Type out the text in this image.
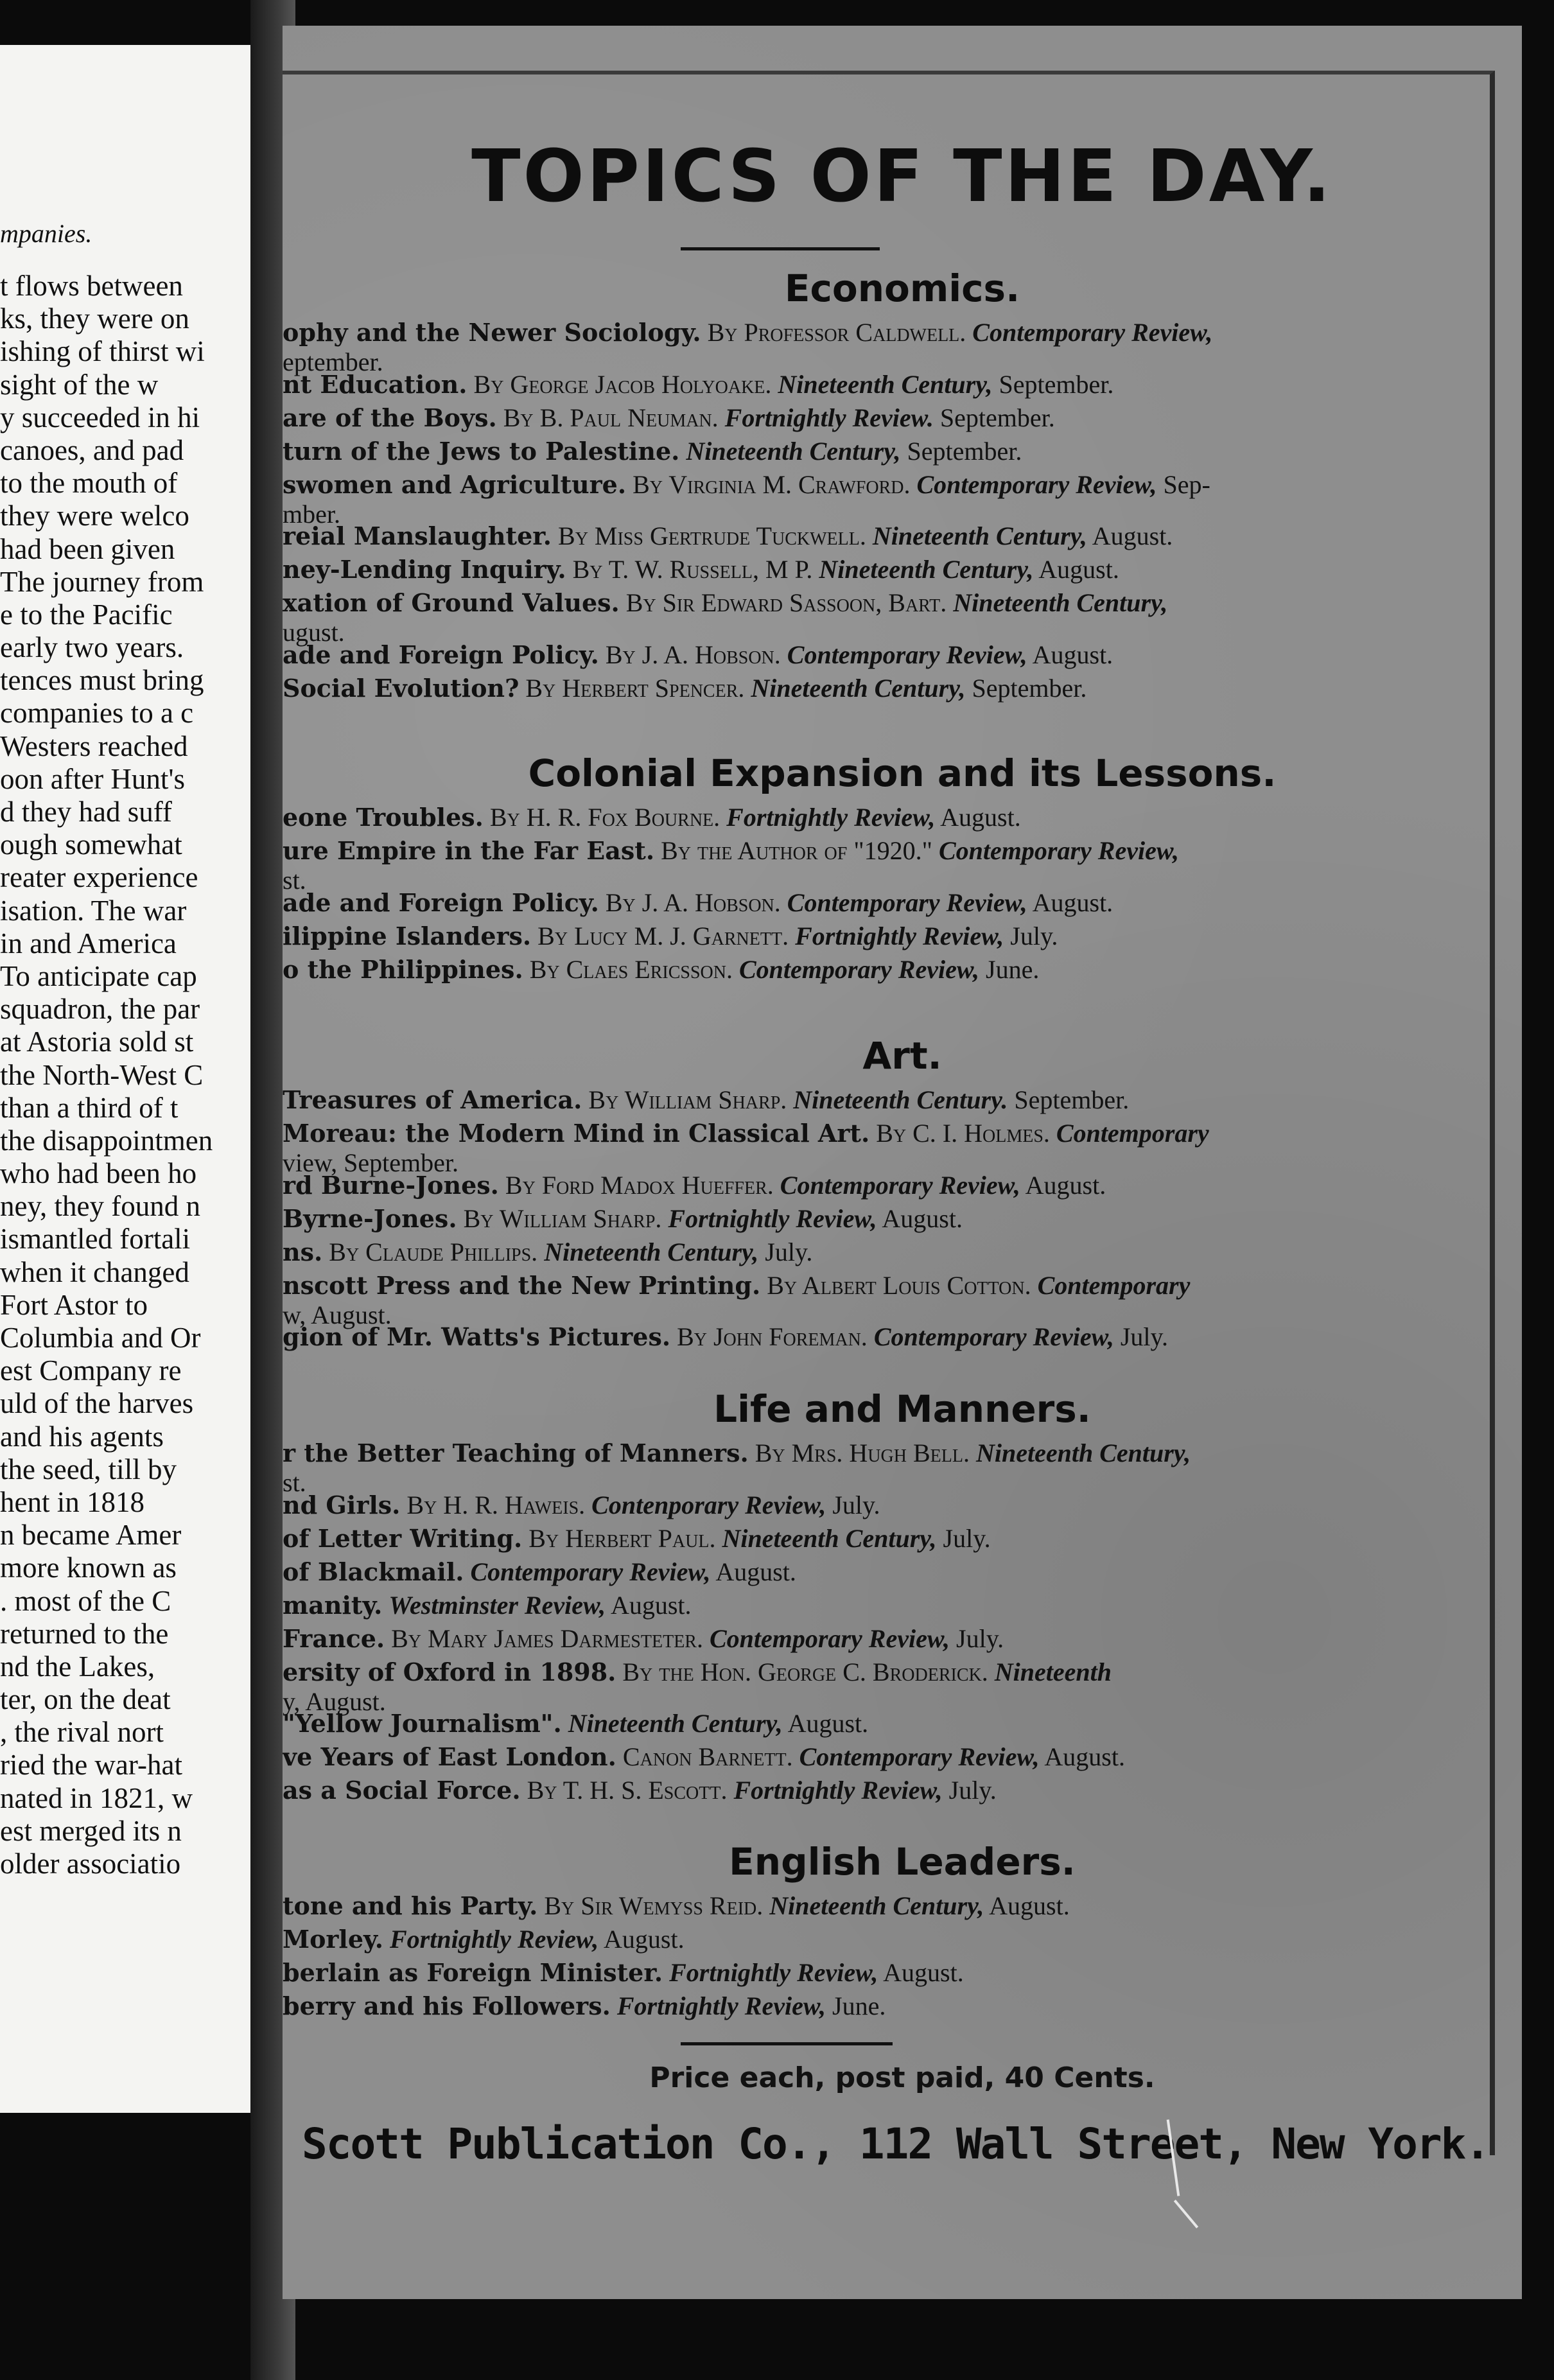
mpanies.
t flows between
ks, they were on
ishing of thirst wi
sight of the w
y succeeded in hi
canoes, and pad
to the mouth of
they were welco
had been given
The journey from
e to the Pacific
early two years.
tences must bring
companies to a c
Westers reached
oon after Hunt's
d they had suff
ough somewhat
reater experience
isation. The war
in and America
To anticipate cap
squadron, the par
at Astoria sold st
the North-West C
than a third of t
the disappointmen
who had been ho
ney, they found n
ismantled fortali
when it changed
Fort Astor to
Columbia and Or
est Company re
uld of the harves
and his agents
the seed, till by
hent in 1818
n became Amer
more known as
. most of the C
returned to the
nd the Lakes,
ter, on the deat
, the rival nort
ried the war-hat
nated in 1821, w
est merged its n
older associatio
TOPICS OF THE DAY.
Economics.
ophy and the Newer Sociology. By Professor Caldwell. Contemporary Review,
eptember.
nt Education. By George Jacob Holyoake. Nineteenth Century, September.
are of the Boys. By B. Paul Neuman. Fortnightly Review. September.
turn of the Jews to Palestine. Nineteenth Century, September.
swomen and Agriculture. By Virginia M. Crawford. Contemporary Review, Sep-
mber.
reial Manslaughter. By Miss Gertrude Tuckwell. Nineteenth Century, August.
ney-Lending Inquiry. By T. W. Russell, M P. Nineteenth Century, August.
xation of Ground Values. By Sir Edward Sassoon, Bart. Nineteenth Century,
ugust.
ade and Foreign Policy. By J. A. Hobson. Contemporary Review, August.
Social Evolution? By Herbert Spencer. Nineteenth Century, September.
Colonial Expansion and its Lessons.
eone Troubles. By H. R. Fox Bourne. Fortnightly Review, August.
ure Empire in the Far East. By the Author of "1920." Contemporary Review,
st.
ade and Foreign Policy. By J. A. Hobson. Contemporary Review, August.
ilippine Islanders. By Lucy M. J. Garnett. Fortnightly Review, July.
o the Philippines. By Claes Ericsson. Contemporary Review, June.
Art.
Treasures of America. By William Sharp. Nineteenth Century. September.
Moreau: the Modern Mind in Classical Art. By C. I. Holmes. Contemporary
view, September.
rd Burne-Jones. By Ford Madox Hueffer. Contemporary Review, August.
Byrne-Jones. By William Sharp. Fortnightly Review, August.
ns. By Claude Phillips. Nineteenth Century, July.
nscott Press and the New Printing. By Albert Louis Cotton. Contemporary
w, August.
gion of Mr. Watts's Pictures. By John Foreman. Contemporary Review, July.
Life and Manners.
r the Better Teaching of Manners. By Mrs. Hugh Bell. Nineteenth Century,
st.
nd Girls. By H. R. Haweis. Contenporary Review, July.
of Letter Writing. By Herbert Paul. Nineteenth Century, July.
of Blackmail. Contemporary Review, August.
manity. Westminster Review, August.
France. By Mary James Darmesteter. Contemporary Review, July.
ersity of Oxford in 1898. By the Hon. George C. Broderick. Nineteenth
y, August.
"Yellow Journalism". Nineteenth Century, August.
ve Years of East London. Canon Barnett. Contemporary Review, August.
as a Social Force. By T. H. S. Escott. Fortnightly Review, July.
English Leaders.
tone and his Party. By Sir Wemyss Reid. Nineteenth Century, August.
Morley. Fortnightly Review, August.
berlain as Foreign Minister. Fortnightly Review, August.
berry and his Followers. Fortnightly Review, June.
Price each, post paid, 40 Cents.
Scott Publication Co., 112 Wall Street, New York.
